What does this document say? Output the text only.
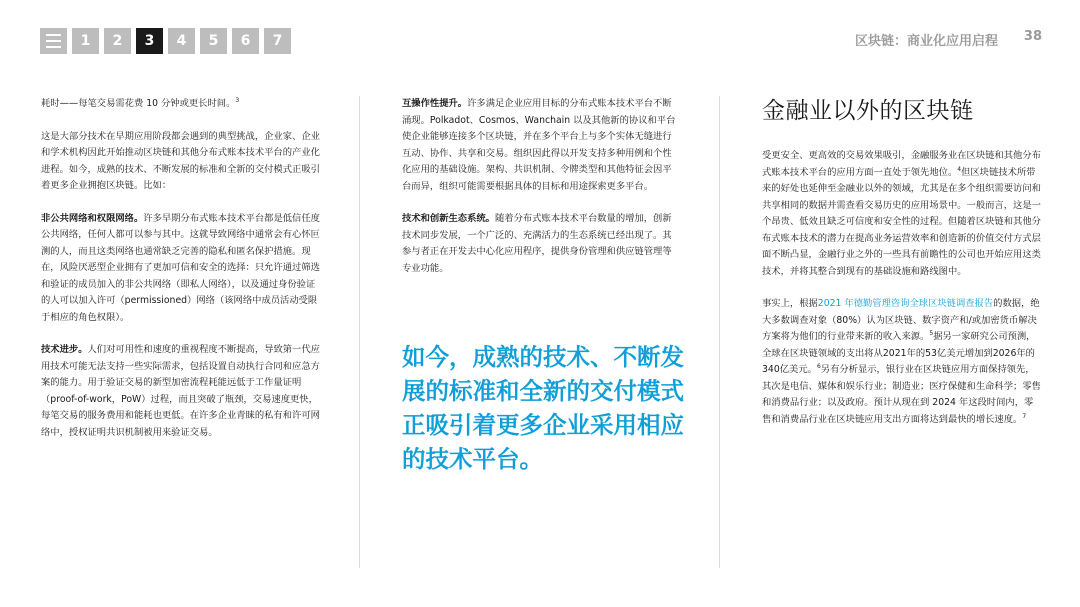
1	2	3	4	5	6	7	区块链：商业化应用启程 38

耗时——每笔交易需花费 10 分钟或更长时间。$^3$

这是大部分技术在早期应用阶段都会遇到的典型挑战，企业家、企业和学术机构因此开始推动区块链和其他分布式账本技术平台的产业化进程。如今，成熟的技术、不断发展的标准和全新的交付模式正吸引着更多企业拥抱区块链。比如：

非公共网络和权限网络。许多早期分布式账本技术平台都是低信任度公共网络，任何人都可以参与其中。这就导致网络中通常会有心怀叵测的人，而且这类网络也通常缺乏完善的隐私和匿名保护措施。现在，风险厌恶型企业拥有了更加可信和安全的选择：只允许通过筛选和验证的成员加入的非公共网络（即私人网络），以及通过身份验证的人可以加入许可（permissioned）网络（该网络中成员活动受限于相应的角色权限）。

技术进步。人们对可用性和速度的重视程度不断提高，导致第一代应用技术可能无法支持一些实际需求，包括设置自动执行合同和应急方案的能力。用于验证交易的新型加密流程耗能远低于工作量证明（proof-of-work，PoW）过程，而且突破了瓶颈，交易速度更快，每笔交易的服务费用和能耗也更低。在许多企业青睐的私有和许可网络中，授权证明共识机制被用来验证交易。

互操作性提升。许多满足企业应用目标的分布式账本技术平台不断涌现。Polkadot、Cosmos、Wanchain 以及其他新的协议和平台使企业能够连接多个区块链，并在多个平台上与多个实体无缝进行互动、协作、共享和交易。组织因此得以开发支持多种用例和个性化应用的基础设施。架构、共识机制、令牌类型和其他特征会因平台而异，组织可能需要根据具体的目标和用途探索更多平台。

技术和创新生态系统。随着分布式账本技术平台数量的增加，创新技术同步发展，一个广泛的、充满活力的生态系统已经出现了。其参与者正在开发去中心化应用程序，提供身份管理和供应链管理等专业功能。

如今，成熟的技术、不断发展的标准和全新的交付模式正吸引着更多企业采用相应的技术平台。
金融业以外的区块链

受更安全、更高效的交易效果吸引，金融服务业在区块链和其他分布式账本技术平台的应用方面一直处于领先地位。$^4$但区块链技术所带来的好处也延伸至金融业以外的领域，尤其是在多个组织需要访问和共享相同的数据并需查看交易历史的应用场景中。一般而言，这是一个昂贵、低效且缺乏可信度和安全性的过程。但随着区块链和其他分布式账本技术的潜力在提高业务运营效率和创造新的价值交付方式层面不断凸显，金融行业之外的一些具有前瞻性的公司也开始应用这类技术，并将其整合到现有的基础设施和路线图中。

事实上，根据2021 年德勤管理咨询全球区块链调查报告的数据，绝大多数调查对象（80%）认为区块链、数字资产和/或加密货币解决方案将为他们的行业带来新的收入来源。$^5$据另一家研究公司预测，全球在区块链领域的支出将从2021年的53亿美元增加到2026年的340亿美元。$^6$另有分析显示，银行业在区块链应用方面保持领先，其次是电信、媒体和娱乐行业；制造业；医疗保健和生命科学；零售和消费品行业；以及政府。预计从现在到 2024 年这段时间内，零售和消费品行业在区块链应用支出方面将达到最快的增长速度。$^7$
